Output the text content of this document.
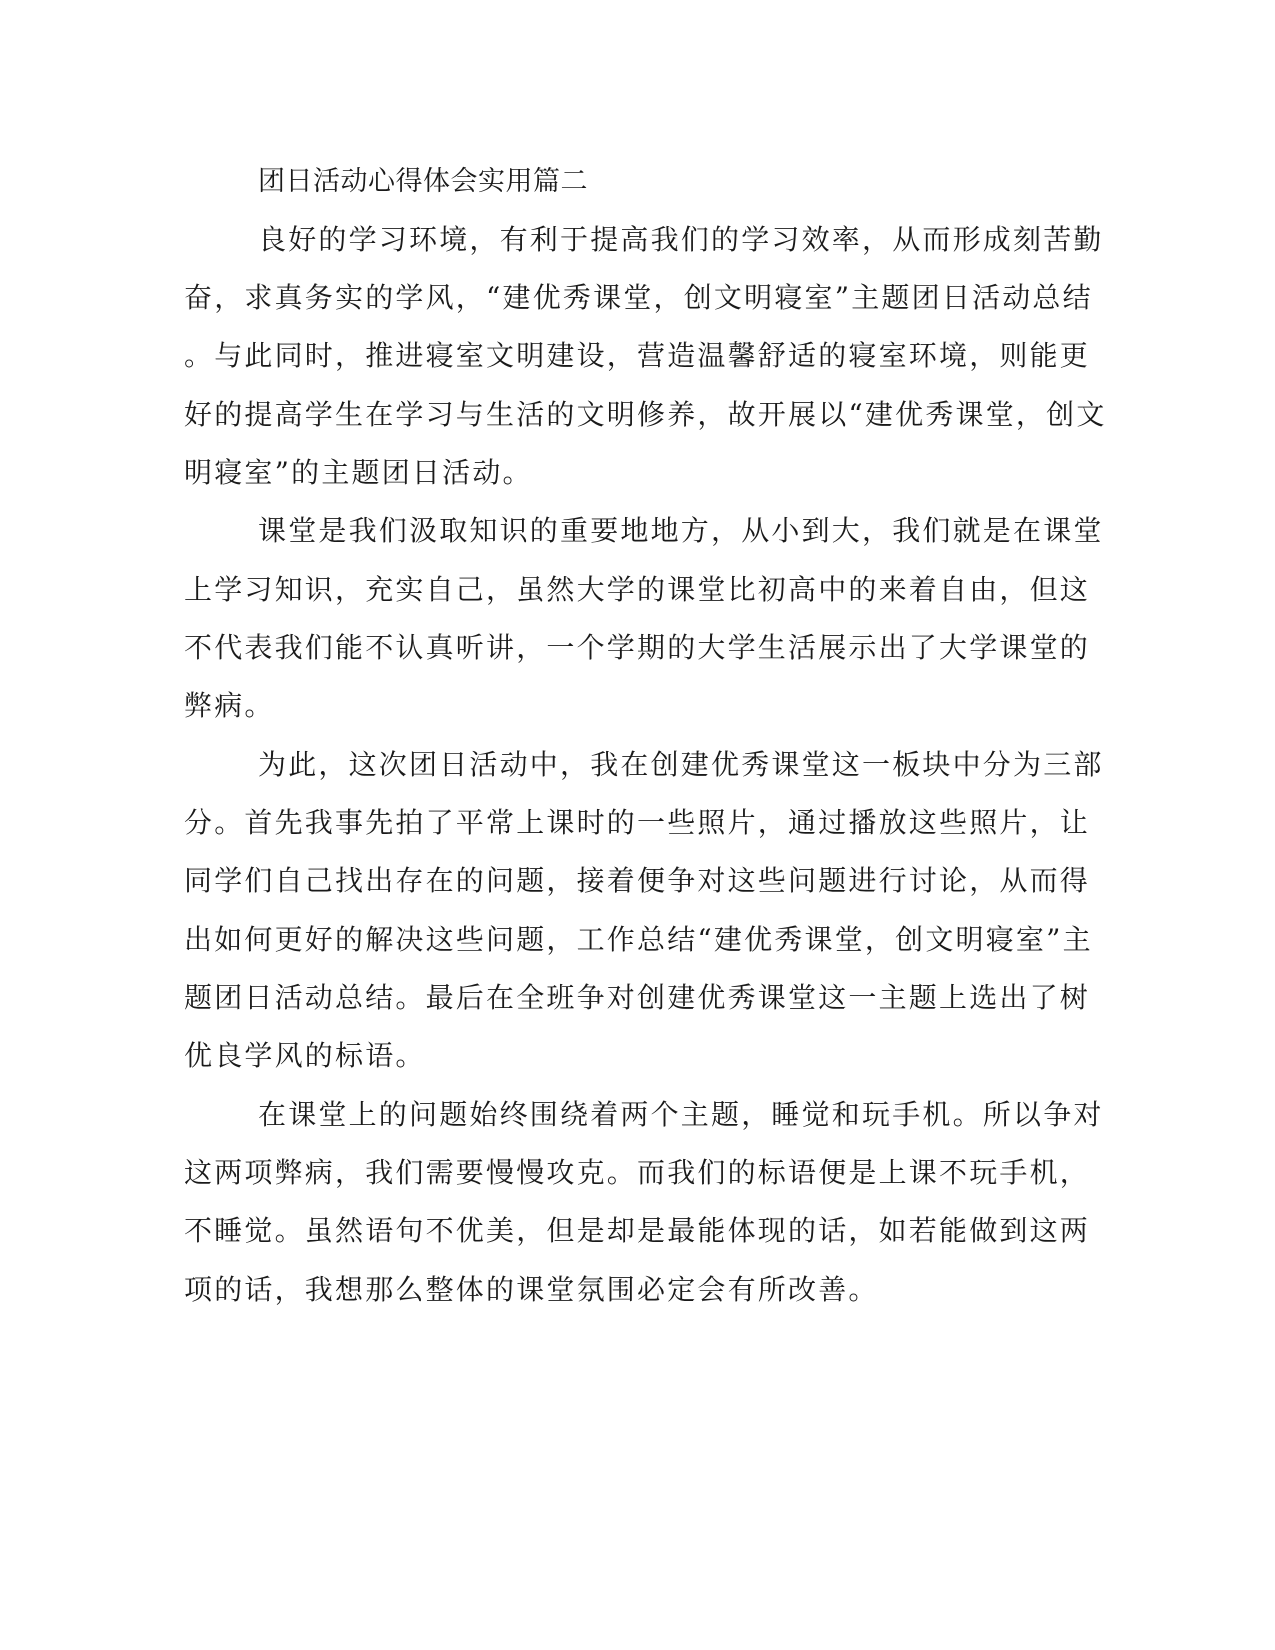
团日活动心得体会实用篇二
良好的学习环境，有利于提高我们的学习效率，从而形成刻苦勤
奋，求真务实的学风，“建优秀课堂，创文明寝室”主题团日活动总结
。与此同时，推进寝室文明建设，营造温馨舒适的寝室环境，则能更
好的提高学生在学习与生活的文明修养，故开展以“建优秀课堂，创文
明寝室”的主题团日活动。
课堂是我们汲取知识的重要地地方，从小到大，我们就是在课堂
上学习知识，充实自己，虽然大学的课堂比初高中的来着自由，但这
不代表我们能不认真听讲，一个学期的大学生活展示出了大学课堂的
弊病。
为此，这次团日活动中，我在创建优秀课堂这一板块中分为三部
分。首先我事先拍了平常上课时的一些照片，通过播放这些照片，让
同学们自己找出存在的问题，接着便争对这些问题进行讨论，从而得
出如何更好的解决这些问题，工作总结“建优秀课堂，创文明寝室”主
题团日活动总结。最后在全班争对创建优秀课堂这一主题上选出了树
优良学风的标语。
在课堂上的问题始终围绕着两个主题，睡觉和玩手机。所以争对
这两项弊病，我们需要慢慢攻克。而我们的标语便是上课不玩手机，
不睡觉。虽然语句不优美，但是却是最能体现的话，如若能做到这两
项的话，我想那么整体的课堂氛围必定会有所改善。
